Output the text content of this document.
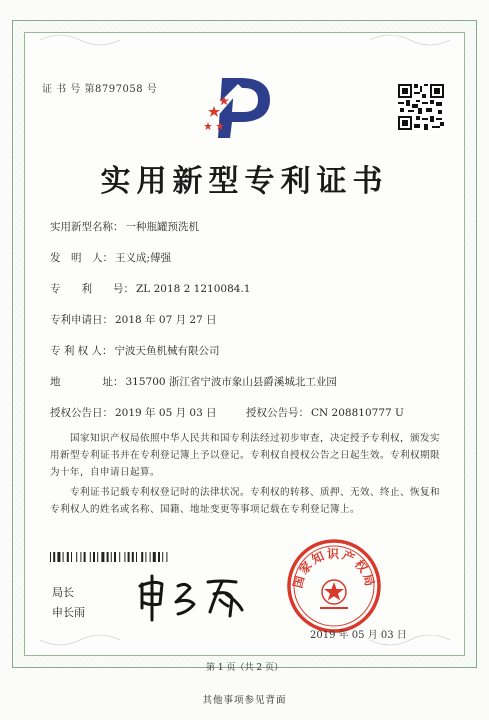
证 书 号 第8797058 号
实用新型专利证书
实用新型名称： 一种瓶罐预洗机
发　明　人： 王义成;傅强
专　　利　　号： ZL 2018 2 1210084.1
专利申请日： 2018 年 07 月 27 日
专 利 权 人： 宁波天鱼机械有限公司
地　　　　址： 315700 浙江省宁波市象山县爵溪城北工业园
授权公告日： 2019 年 05 月 03 日	授权公告号： CN 208810777 U
国家知识产权局依照中华人民共和国专利法经过初步审查，决定授予专利权，颁发实用新型专利证书并在专利登记簿上予以登记。专利权自授权公告之日起生效。专利权期限为十年，自申请日起算。
专利证书记载专利权登记时的法律状况。专利权的转移、质押、无效、终止、恢复和专利权人的姓名或名称、国籍、地址变更等事项记载在专利登记簿上。
局长
申长雨
国家知识产权局
2019 年 05 月 03 日
第 1 页（共 2 页）
其他事项参见背面
